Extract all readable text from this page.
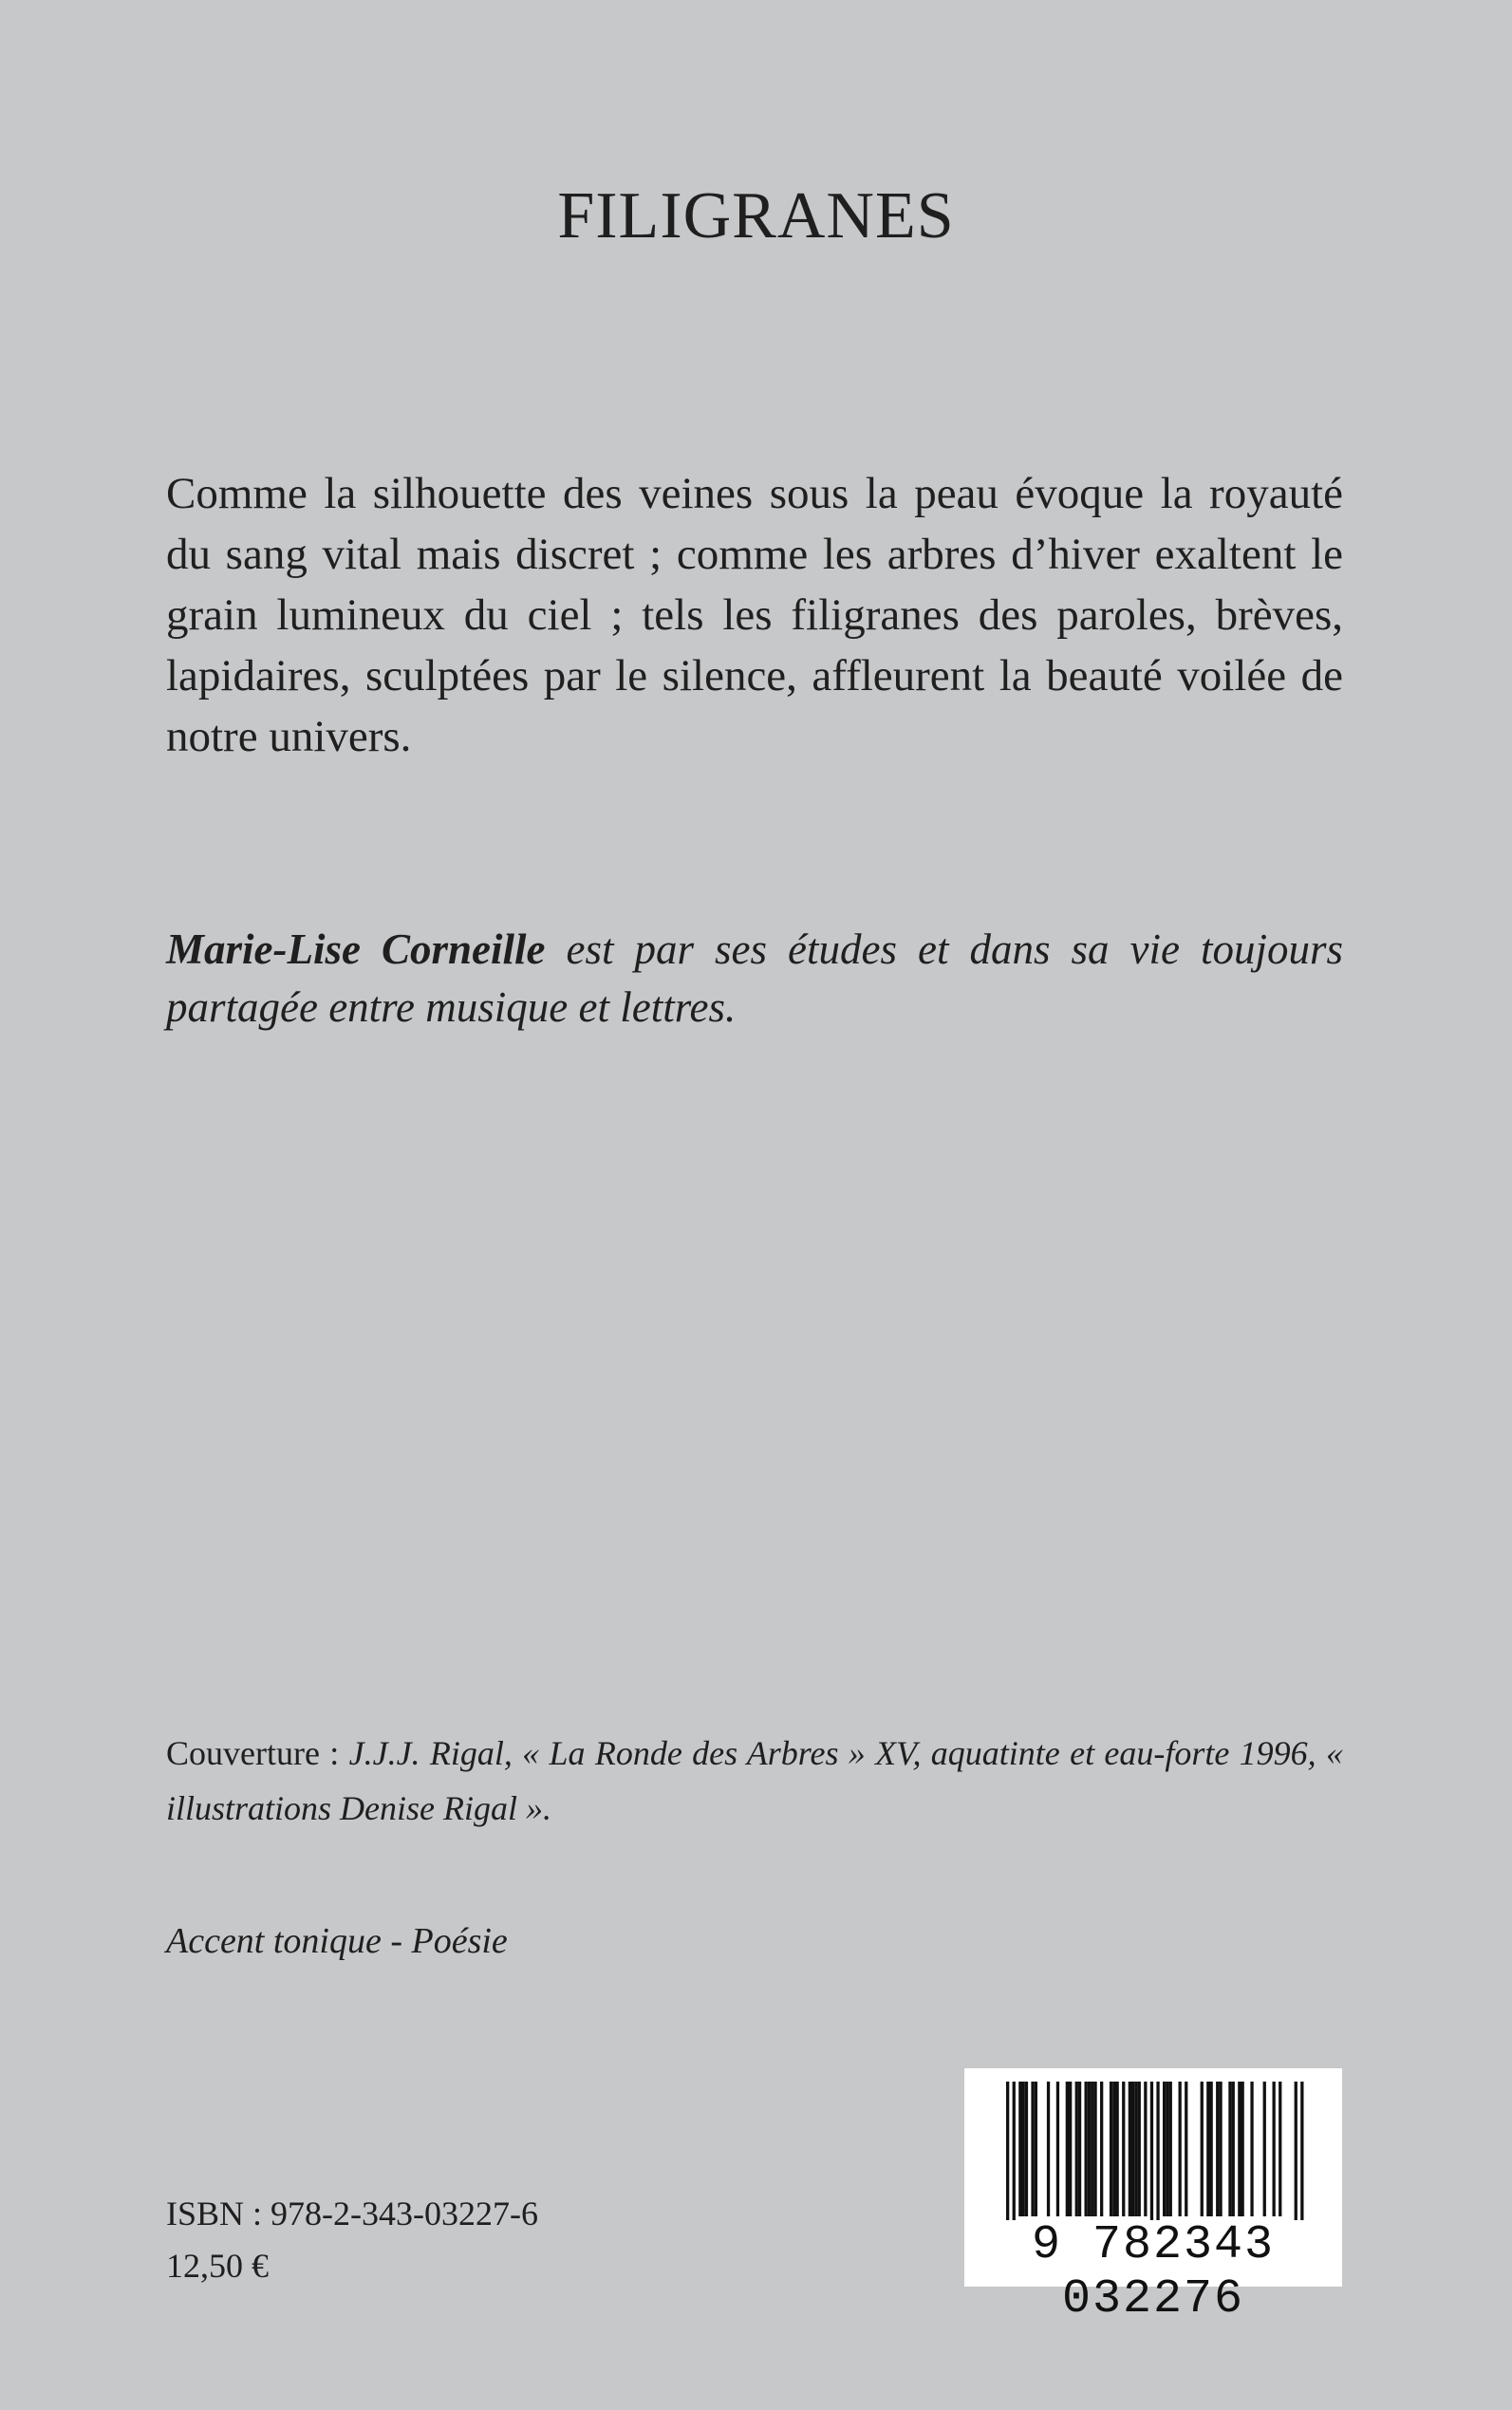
FILIGRANES

Comme la silhouette des veines sous la peau évoque la royauté du sang vital mais discret ; comme les arbres d’hiver exaltent le grain lumineux du ciel ; tels les filigranes des paroles, brèves, lapidaires, sculptées par le silence, affleurent la beauté voilée de notre univers.

Marie-Lise Corneille est par ses études et dans sa vie toujours partagée entre musique et lettres.

Couverture : J.J.J. Rigal, « La Ronde des Arbres » XV, aquatinte et eau-forte 1996, « illustrations Denise Rigal ».

Accent tonique - Poésie

ISBN : 978-2-343-03227-6

12,50 €	9 782343 032276
